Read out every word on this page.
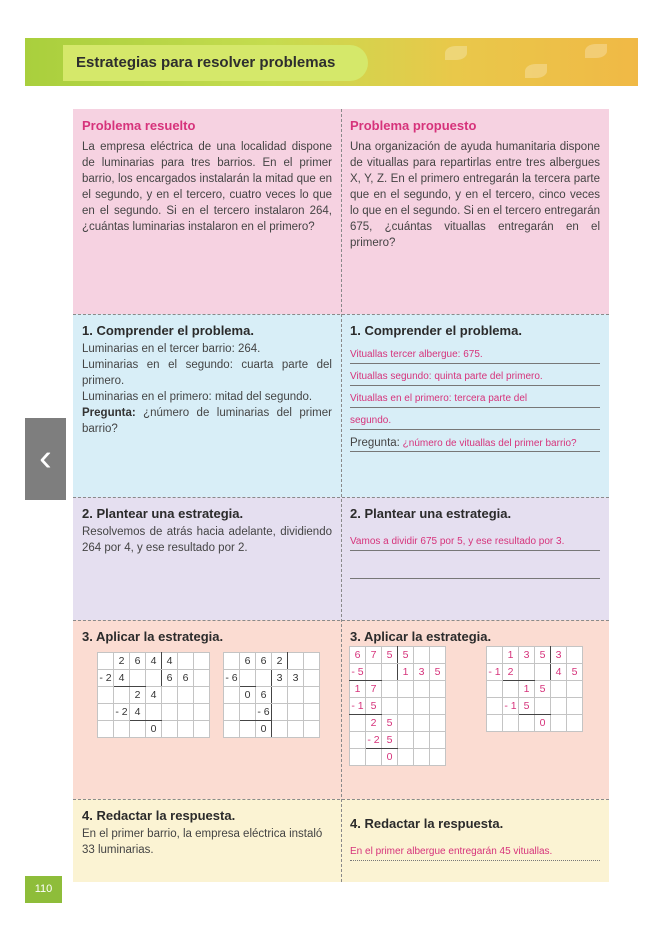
Estrategias para resolver problemas
‹
Problema resuelto
La empresa eléctrica de una localidad dispone de luminarias para tres barrios. En el primer barrio, los encargados instalarán la mitad que en el segundo, y en el tercero, cuatro veces lo que en el segundo. Si en el tercero instalaron 264, ¿cuántas luminarias instalaron en el primero?
Problema propuesto
Una organización de ayuda humanitaria dispone de vituallas para repartirlas entre tres albergues X, Y, Z. En el primero entregarán la tercera parte que en el segundo, y en el tercero, cinco veces lo que en el segundo. Si en el tercero entregarán 675, ¿cuántas vituallas entregarán en el primero?
1. Comprender el problema.
Luminarias en el tercer barrio: 264.
Luminarias en el segundo: cuarta parte del primero.
Luminarias en el primero: mitad del segundo.
Pregunta: ¿número de luminarias del primer barrio?
1. Comprender el problema.
Vituallas tercer albergue: 675.
Vituallas segundo: quinta parte del primero.
Vituallas en el primero: tercera parte del
segundo.
Pregunta: ¿número de vituallas del primer barrio?
2. Plantear una estrategia.
Resolvemos de atrás hacia adelante, dividiendo 264 por 4, y ese resultado por 2.
2. Plantear una estrategia.
Vamos a dividir 675 por 5, y ese resultado por 3.
3. Aplicar la estrategia.
	2	6	4	4		
- 2	4			6	6	
		2	4			
	- 2	4				
			0			
	6	6	2		
- 6			3	3	
	0	6			
		- 6			
		0			
3. Aplicar la estrategia.
6	7	5	5		
- 5			1	3	5
1	7				
- 1	5				
	2	5			
	- 2	5			
		0			
	1	3	5	3	
- 1	2			4	5
		1	5		
	- 1	5			
			0		
4. Redactar la respuesta.
En el primer barrio, la empresa eléctrica instaló 33 luminarias.
4. Redactar la respuesta.
En el primer albergue entregarán 45 vituallas.
110
